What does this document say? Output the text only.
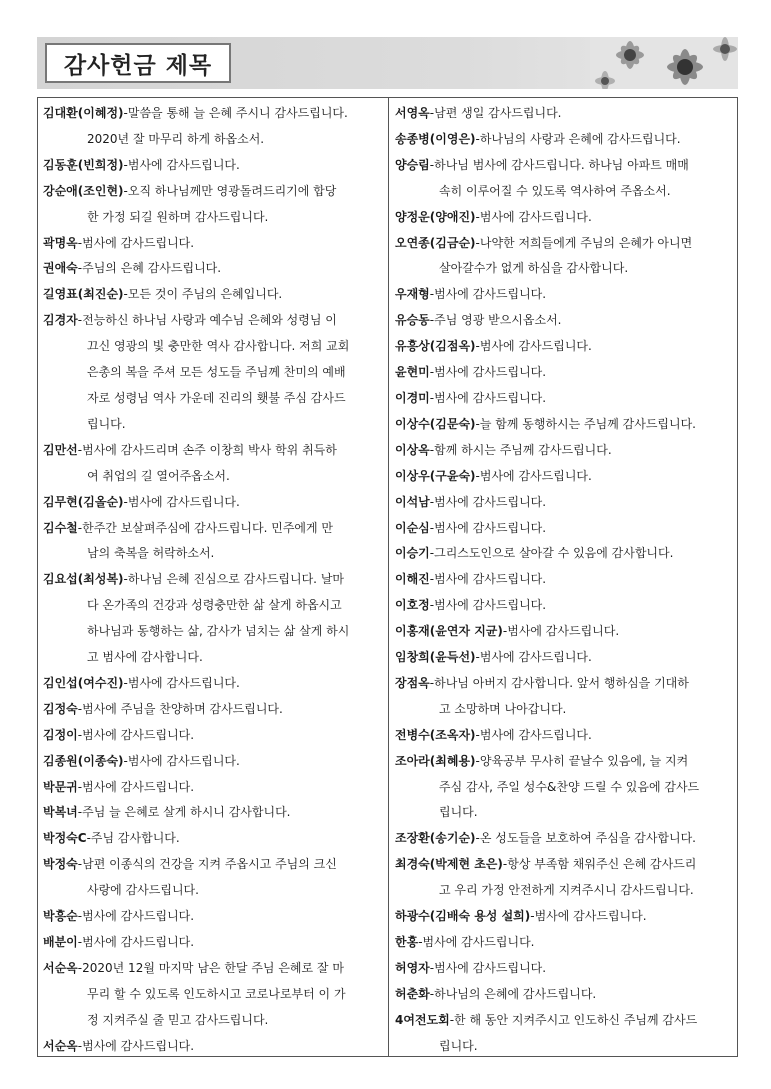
감사헌금 제목
김대환(이혜정)-말씀을 통해 늘 은혜 주시니 감사드립니다.
2020년 잘 마무리 하게 하옵소서.
김동훈(빈희정)-범사에 감사드립니다.
강순애(조인현)-오직 하나님께만 영광돌려드리기에 합당
한 가정 되길 원하며 감사드립니다.
곽명옥-범사에 감사드립니다.
권애숙-주님의 은혜 감사드립니다.
길영표(최진순)-모든 것이 주님의 은혜입니다.
김경자-전능하신 하나님 사랑과 예수님 은혜와 성령님 이
끄신 영광의 빛 충만한 역사 감사합니다. 저희 교회
은총의 복을 주셔 모든 성도들 주님께 찬미의 예배
자로 성령님 역사 가운데 진리의 횃불 주심 감사드
립니다.
김만선-범사에 감사드리며 손주 이창희 박사 학위 취득하
여 취업의 길 열어주옵소서.
김무현(김올순)-범사에 감사드립니다.
김수철-한주간 보살펴주심에 감사드립니다. 민주에게 만
남의 축복을 허락하소서.
김요섭(최성복)-하나님 은혜 진심으로 감사드립니다. 날마
다 온가족의 건강과 성령충만한 삶 살게 하옵시고
하나님과 동행하는 삶, 감사가 넘치는 삶 살게 하시
고 범사에 감사합니다.
김인섭(여수진)-범사에 감사드립니다.
김정숙-범사에 주님을 찬양하며 감사드립니다.
김정이-범사에 감사드립니다.
김종원(이종숙)-범사에 감사드립니다.
박문귀-범사에 감사드립니다.
박복녀-주님 늘 은혜로 살게 하시니 감사합니다.
박정숙C-주님 감사합니다.
박정숙-남편 이종식의 건강을 지켜 주옵시고 주님의 크신
사랑에 감사드립니다.
박흥순-범사에 감사드립니다.
배분이-범사에 감사드립니다.
서순옥-2020년 12월 마지막 남은 한달 주님 은혜로 잘 마
무리 할 수 있도록 인도하시고 코로나로부터 이 가
정 지켜주실 줄 믿고 감사드립니다.
서순옥-범사에 감사드립니다.
서영옥-남편 생일 감사드립니다.
송종병(이영은)-하나님의 사랑과 은혜에 감사드립니다.
양승림-하나님 범사에 감사드립니다. 하나님 아파트 매매
속히 이루어질 수 있도록 역사하여 주옵소서.
양정운(양애진)-범사에 감사드립니다.
오연종(김금순)-나약한 저희들에게 주님의 은혜가 아니면
살아갈수가 없게 하심을 감사합니다.
우재형-범사에 감사드립니다.
유승동-주님 영광 받으시옵소서.
유흥상(김점옥)-범사에 감사드립니다.
윤현미-범사에 감사드립니다.
이경미-범사에 감사드립니다.
이상수(김문숙)-늘 함께 동행하시는 주님께 감사드립니다.
이상옥-함께 하시는 주님께 감사드립니다.
이상우(구윤숙)-범사에 감사드립니다.
이석남-범사에 감사드립니다.
이순심-범사에 감사드립니다.
이승기-그리스도인으로 살아갈 수 있음에 감사합니다.
이해진-범사에 감사드립니다.
이호정-범사에 감사드립니다.
이홍재(윤연자 지균)-범사에 감사드립니다.
임창희(윤득선)-범사에 감사드립니다.
장점옥-하나님 아버지 감사합니다. 앞서 행하심을 기대하
고 소망하며 나아갑니다.
전병수(조옥자)-범사에 감사드립니다.
조아라(최혜용)-양육공부 무사히 끝날수 있음에, 늘 지켜
주심 감사, 주일 성수&찬양 드릴 수 있음에 감사드
립니다.
조장환(송기순)-온 성도들을 보호하여 주심을 감사합니다.
최경숙(박제현 초은)-항상 부족함 채워주신 은혜 감사드리
고 우리 가정 안전하게 지켜주시니 감사드립니다.
하광수(김배숙 용성 설희)-범사에 감사드립니다.
한홍-범사에 감사드립니다.
허영자-범사에 감사드립니다.
허춘화-하나님의 은혜에 감사드립니다.
4여전도회-한 해 동안 지켜주시고 인도하신 주님께 감사드
립니다.
